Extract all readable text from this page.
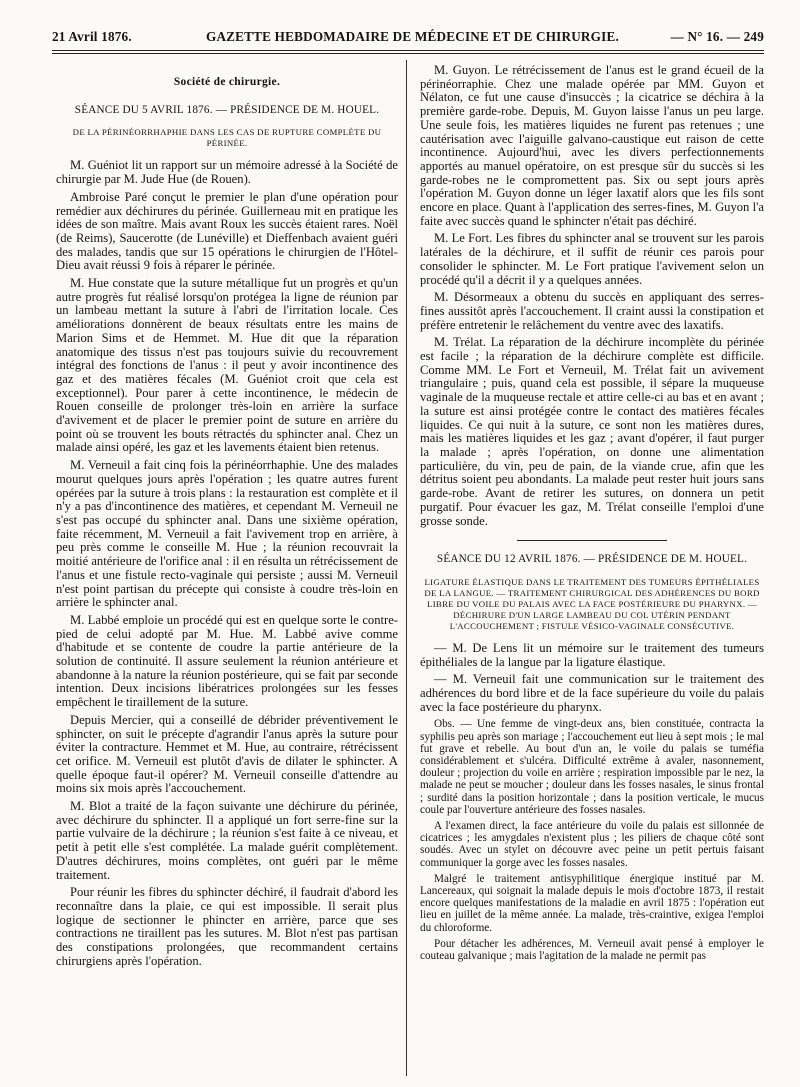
21 Avril 1876.	GAZETTE HEBDOMADAIRE DE MÉDECINE ET DE CHIRURGIE.	— N° 16. — 249

Société de chirurgie.

SÉANCE DU 5 AVRIL 1876. — PRÉSIDENCE DE M. HOUEL.

DE LA PÉRINÉORRHAPHIE DANS LES CAS DE RUPTURE COMPLÈTE DU PÉRINÉE.

M. Guéniot lit un rapport sur un mémoire adressé à la Société de chirurgie par M. Jude Hue (de Rouen).

Ambroise Paré conçut le premier le plan d'une opération pour remédier aux déchirures du périnée. Guillerneau mit en pratique les idées de son maître. Mais avant Roux les succès étaient rares. Noël (de Reims), Saucerotte (de Lunéville) et Dieffenbach avaient guéri des malades, tandis que sur 15 opérations le chirurgien de l'Hôtel-Dieu avait réussi 9 fois à réparer le périnée.

M. Hue constate que la suture métallique fut un progrès et qu'un autre progrès fut réalisé lorsqu'on protégea la ligne de réunion par un lambeau mettant la suture à l'abri de l'irritation locale. Ces améliorations donnèrent de beaux résultats entre les mains de Marion Sims et de Hemmet. M. Hue dit que la réparation anatomique des tissus n'est pas toujours suivie du recouvrement intégral des fonctions de l'anus : il peut y avoir incontinence des gaz et des matières fécales (M. Guéniot croit que cela est exceptionnel). Pour parer à cette incontinence, le médecin de Rouen conseille de prolonger très-loin en arrière la surface d'avivement et de placer le premier point de suture en arrière du point où se trouvent les bouts rétractés du sphincter anal. Chez un malade ainsi opéré, les gaz et les lavements étaient bien retenus.

M. Verneuil a fait cinq fois la périnéorrhaphie. Une des malades mourut quelques jours après l'opération ; les quatre autres furent opérées par la suture à trois plans : la restauration est complète et il n'y a pas d'incontinence des matières, et cependant M. Verneuil ne s'est pas occupé du sphincter anal. Dans une sixième opération, faite récemment, M. Verneuil a fait l'avivement trop en arrière, à peu près comme le conseille M. Hue ; la réunion recouvrait la moitié antérieure de l'orifice anal : il en résulta un rétrécissement de l'anus et une fistule recto-vaginale qui persiste ; aussi M. Verneuil n'est point partisan du précepte qui consiste à coudre très-loin en arrière le sphincter anal.

M. Labbé emploie un procédé qui est en quelque sorte le contre-pied de celui adopté par M. Hue. M. Labbé avive comme d'habitude et se contente de coudre la partie antérieure de la solution de continuité. Il assure seulement la réunion antérieure et abandonne à la nature la réunion postérieure, qui se fait par seconde intention. Deux incisions libératrices prolongées sur les fesses empêchent le tiraillement de la suture.

Depuis Mercier, qui a conseillé de débrider préventivement le sphincter, on suit le précepte d'agrandir l'anus après la suture pour éviter la contracture. Hemmet et M. Hue, au contraire, rétrécissent cet orifice. M. Verneuil est plutôt d'avis de dilater le sphincter. A quelle époque faut-il opérer? M. Verneuil conseille d'attendre au moins six mois après l'accouchement.

M. Blot a traité de la façon suivante une déchirure du périnée, avec déchirure du sphincter. Il a appliqué un fort serre-fine sur la partie vulvaire de la déchirure ; la réunion s'est faite à ce niveau, et petit à petit elle s'est complétée. La malade guérit complètement. D'autres déchirures, moins complètes, ont guéri par le même traitement.

Pour réunir les fibres du sphincter déchiré, il faudrait d'abord les reconnaître dans la plaie, ce qui est impossible. Il serait plus logique de sectionner le phincter en arrière, parce que ses contractions ne tiraillent pas les sutures. M. Blot n'est pas partisan des constipations prolongées, que recommandent certains chirurgiens après l'opération.

M. Guyon. Le rétrécissement de l'anus est le grand écueil de la périnéorraphie. Chez une malade opérée par MM. Guyon et Nélaton, ce fut une cause d'insuccès ; la cicatrice se déchira à la première garde-robe. Depuis, M. Guyon laisse l'anus un peu large. Une seule fois, les matières liquides ne furent pas retenues ; une cautérisation avec l'aiguille galvano-caustique eut raison de cette incontinence. Aujourd'hui, avec les divers perfectionnements apportés au manuel opératoire, on est presque sûr du succès si les garde-robes ne le compromettent pas. Six ou sept jours après l'opération M. Guyon donne un léger laxatif alors que les fils sont encore en place. Quant à l'application des serres-fines, M. Guyon l'a faite avec succès quand le sphincter n'était pas déchiré.

M. Le Fort. Les fibres du sphincter anal se trouvent sur les parois latérales de la déchirure, et il suffit de réunir ces parois pour consolider le sphincter. M. Le Fort pratique l'avivement selon un procédé qu'il a décrit il y a quelques années.

M. Désormeaux a obtenu du succès en appliquant des serres-fines aussitôt après l'accouchement. Il craint aussi la constipation et préfère entretenir le relâchement du ventre avec des laxatifs.

M. Trélat. La réparation de la déchirure incomplète du périnée est facile ; la réparation de la déchirure complète est difficile. Comme MM. Le Fort et Verneuil, M. Trélat fait un avivement triangulaire ; puis, quand cela est possible, il sépare la muqueuse vaginale de la muqueuse rectale et attire celle-ci au bas et en avant ; la suture est ainsi protégée contre le contact des matières fécales liquides. Ce qui nuit à la suture, ce sont non les matières dures, mais les matières liquides et les gaz ; avant d'opérer, il faut purger la malade ; après l'opération, on donne une alimentation particulière, du vin, peu de pain, de la viande crue, afin que les détritus soient peu abondants. La malade peut rester huit jours sans garde-robe. Avant de retirer les sutures, on donnera un petit purgatif. Pour évacuer les gaz, M. Trélat conseille l'emploi d'une grosse sonde.

SÉANCE DU 12 AVRIL 1876. — PRÉSIDENCE DE M. HOUEL.

LIGATURE ÉLASTIQUE DANS LE TRAITEMENT DES TUMEURS ÉPITHÉLIALES DE LA LANGUE. — TRAITEMENT CHIRURGICAL DES ADHÉRENCES DU BORD LIBRE DU VOILE DU PALAIS AVEC LA FACE POSTÉRIEURE DU PHARYNX. — DÉCHIRURE D'UN LARGE LAMBEAU DU COL UTÉRIN PENDANT L'ACCOUCHEMENT ; FISTULE VÉSICO-VAGINALE CONSÉCUTIVE.

— M. De Lens lit un mémoire sur le traitement des tumeurs épithéliales de la langue par la ligature élastique.

— M. Verneuil fait une communication sur le traitement des adhérences du bord libre et de la face supérieure du voile du palais avec la face postérieure du pharynx.

Obs. — Une femme de vingt-deux ans, bien constituée, contracta la syphilis peu après son mariage ; l'accouchement eut lieu à sept mois ; le mal fut grave et rebelle. Au bout d'un an, le voile du palais se tuméfia considérablement et s'ulcéra. Difficulté extrême à avaler, nasonnement, douleur ; projection du voile en arrière ; respiration impossible par le nez, la malade ne peut se moucher ; douleur dans les fosses nasales, le sinus frontal ; surdité dans la position horizontale ; dans la position verticale, le mucus coule par l'ouverture antérieure des fosses nasales.

A l'examen direct, la face antérieure du voile du palais est sillonnée de cicatrices ; les amygdales n'existent plus ; les piliers de chaque côté sont soudés. Avec un stylet on découvre avec peine un petit pertuis faisant communiquer la gorge avec les fosses nasales.

Malgré le traitement antisyphilitique énergique institué par M. Lancereaux, qui soignait la malade depuis le mois d'octobre 1873, il restait encore quelques manifestations de la maladie en avril 1875 : l'opération eut lieu en juillet de la même année. La malade, très-craintive, exigea l'emploi du chloroforme.

Pour détacher les adhérences, M. Verneuil avait pensé à employer le couteau galvanique ; mais l'agitation de la malade ne permit pas
